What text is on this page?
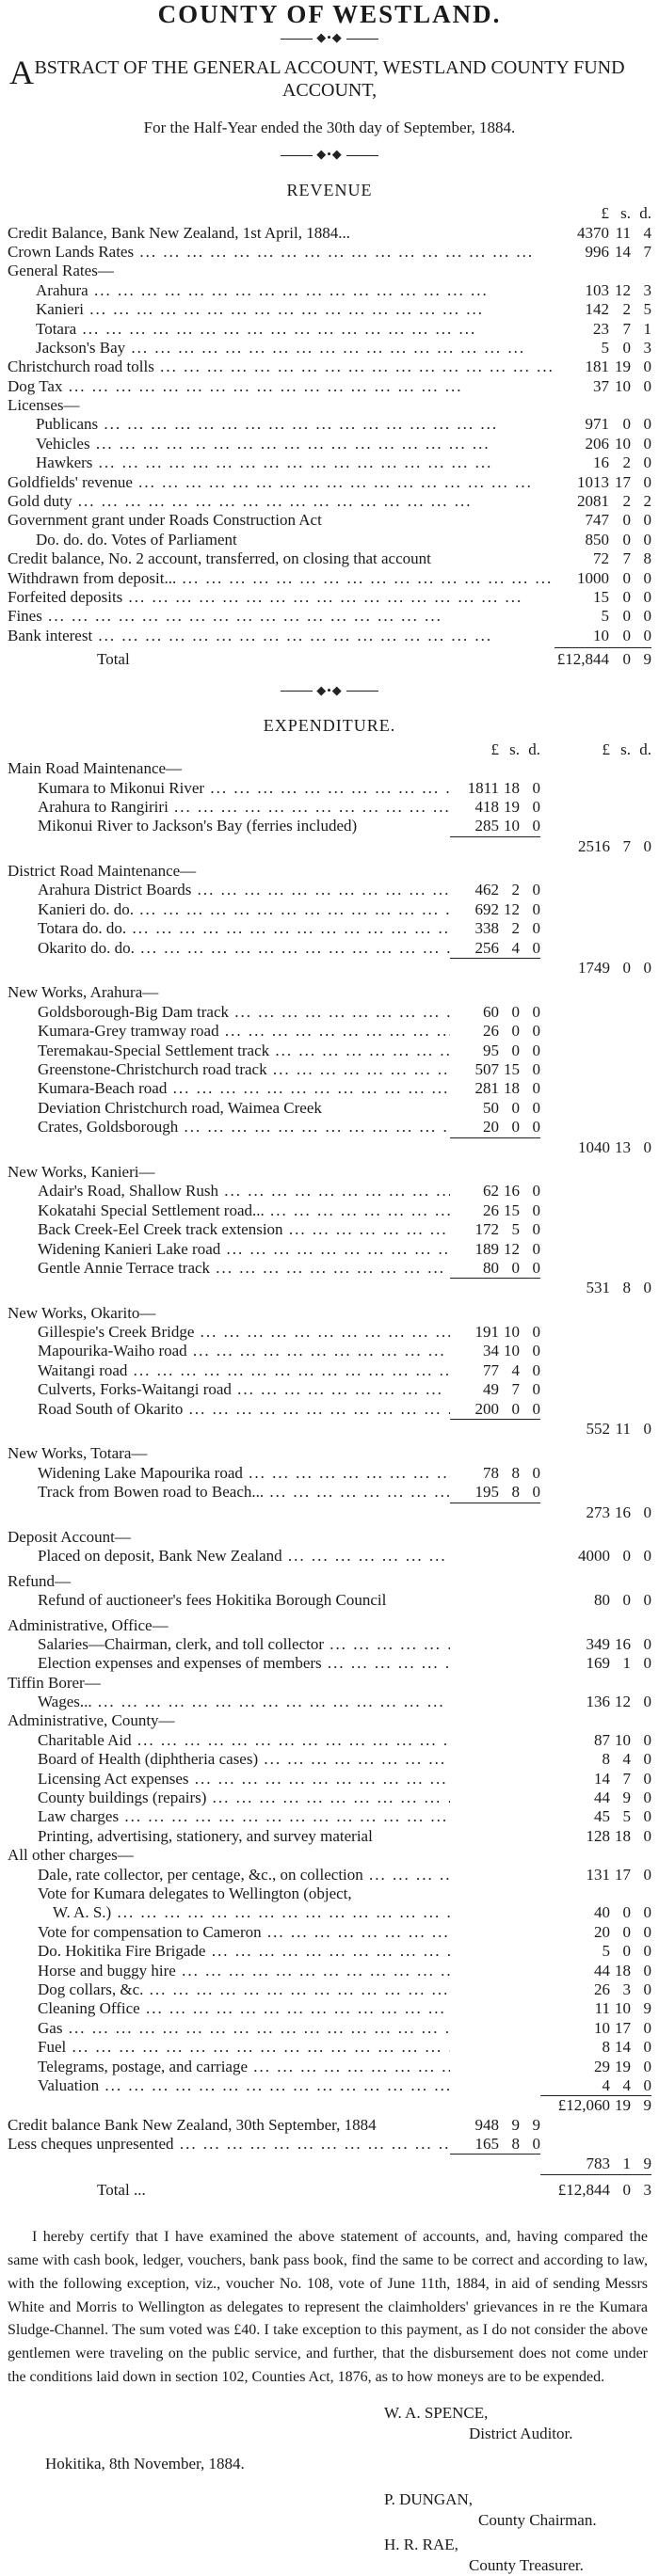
COUNTY OF WESTLAND.
◆•◆
A BSTRACT OF THE GENERAL ACCOUNT, WESTLAND COUNTY FUND ACCOUNT,
For the Half-Year ended the 30th day of September, 1884.
◆•◆
REVENUE
£ s. d.
Credit Balance, Bank New Zealand, 1st April, 1884...	4370 11 4
Crown Lands Rates ... .	996 14 7
General Rates—
Arahura ... .	103 12 3
Kanieri ... .	142 2 5
Totara ... .	23 7 1
Jackson's Bay ... .	5 0 3
Christchurch road tolls ... .	181 19 0
Dog Tax ... .	37 10 0
Licenses—
Publicans ... .	971 0 0
Vehicles ... .	206 10 0
Hawkers ... .	16 2 0
Goldfields' revenue ... .	1013 17 0
Gold duty ... .	2081 2 2
Government grant under Roads Construction Act	747 0 0
Do. do. do. Votes of Parliament	850 0 0
Credit balance, No. 2 account, transferred, on closing that account	72 7 8
Withdrawn from deposit... ... .	1000 0 0
Forfeited deposits ... .	15 0 0
Fines ... .	5 0 0
Bank interest ... .	10 0 0
Total	£12,844 0 9
◆•◆
EXPENDITURE.
£ s. d.	£ s. d.
Main Road Maintenance—
Kumara to Mikonui River ... .	1811 18 0
Arahura to Rangiriri ... .	418 19 0
Mikonui River to Jackson's Bay (ferries included)	285 10 0
2516 7 0
District Road Maintenance—
Arahura District Boards ... .	462 2 0
Kanieri do. do. ... .	692 12 0
Totara do. do. ... .	338 2 0
Okarito do. do. ... .	256 4 0
1749 0 0
New Works, Arahura—
Goldsborough-Big Dam track ... .	60 0 0
Kumara-Grey tramway road ... .	26 0 0
Teremakau-Special Settlement track ... .	95 0 0
Greenstone-Christchurch road track ... .	507 15 0
Kumara-Beach road ... .	281 18 0
Deviation Christchurch road, Waimea Creek	50 0 0
Crates, Goldsborough ... .	20 0 0
1040 13 0
New Works, Kanieri—
Adair's Road, Shallow Rush ... .	62 16 0
Kokatahi Special Settlement road... ... .	26 15 0
Back Creek-Eel Creek track extension ... .	172 5 0
Widening Kanieri Lake road ... .	189 12 0
Gentle Annie Terrace track ... .	80 0 0
531 8 0
New Works, Okarito—
Gillespie's Creek Bridge ... .	191 10 0
Mapourika-Waiho road ... .	34 10 0
Waitangi road ... .	77 4 0
Culverts, Forks-Waitangi road ... .	49 7 0
Road South of Okarito ... .	200 0 0
552 11 0
New Works, Totara—
Widening Lake Mapourika road ... .	78 8 0
Track from Bowen road to Beach... ... .	195 8 0
273 16 0
Deposit Account—
Placed on deposit, Bank New Zealand ... .	4000 0 0
Refund—
Refund of auctioneer's fees Hokitika Borough Council	80 0 0
Administrative, Office—
Salaries—Chairman, clerk, and toll collector ... .	349 16 0
Election expenses and expenses of members ... .	169 1 0
Tiffin Borer—
Wages... ... .	136 12 0
Administrative, County—
Charitable Aid ... .	87 10 0
Board of Health (diphtheria cases) ... .	8 4 0
Licensing Act expenses ... .	14 7 0
County buildings (repairs) ... .	44 9 0
Law charges ... .	45 5 0
Printing, advertising, stationery, and survey material	128 18 0
All other charges—
Dale, rate collector, per centage, &c., on collection ... .	131 17 0
Vote for Kumara delegates to Wellington (object,
W. A. S.) ... .	40 0 0
Vote for compensation to Cameron ... .	20 0 0
Do. Hokitika Fire Brigade ... .	5 0 0
Horse and buggy hire ... .	44 18 0
Dog collars, &c. ... .	26 3 0
Cleaning Office ... .	11 10 9
Gas ... .	10 17 0
Fuel ... .	8 14 0
Telegrams, postage, and carriage ... .	29 19 0
Valuation ... .	4 4 0
£12,060 19 9
Credit balance Bank New Zealand, 30th September, 1884	948 9 9
Less cheques unpresented ... .	165 8 0
783 1 9
Total ...	£12,844 0 3
I hereby certify that I have examined the above statement of accounts, and, having compared the same with cash book, ledger, vouchers, bank pass book, find the same to be correct and according to law, with the following exception, viz., voucher No. 108, vote of June 11th, 1884, in aid of sending Messrs White and Morris to Wellington as delegates to represent the claimholders' grievances in re the Kumara Sludge-Channel. The sum voted was £40. I take exception to this payment, as I do not consider the above gentlemen were traveling on the public service, and further, that the disbursement does not come under the conditions laid down in section 102, Counties Act, 1876, as to how moneys are to be expended.
W. A. SPENCE,
District Auditor.
Hokitika, 8th November, 1884.
P. DUNGAN,
County Chairman.
H. R. RAE,
County Treasurer.
